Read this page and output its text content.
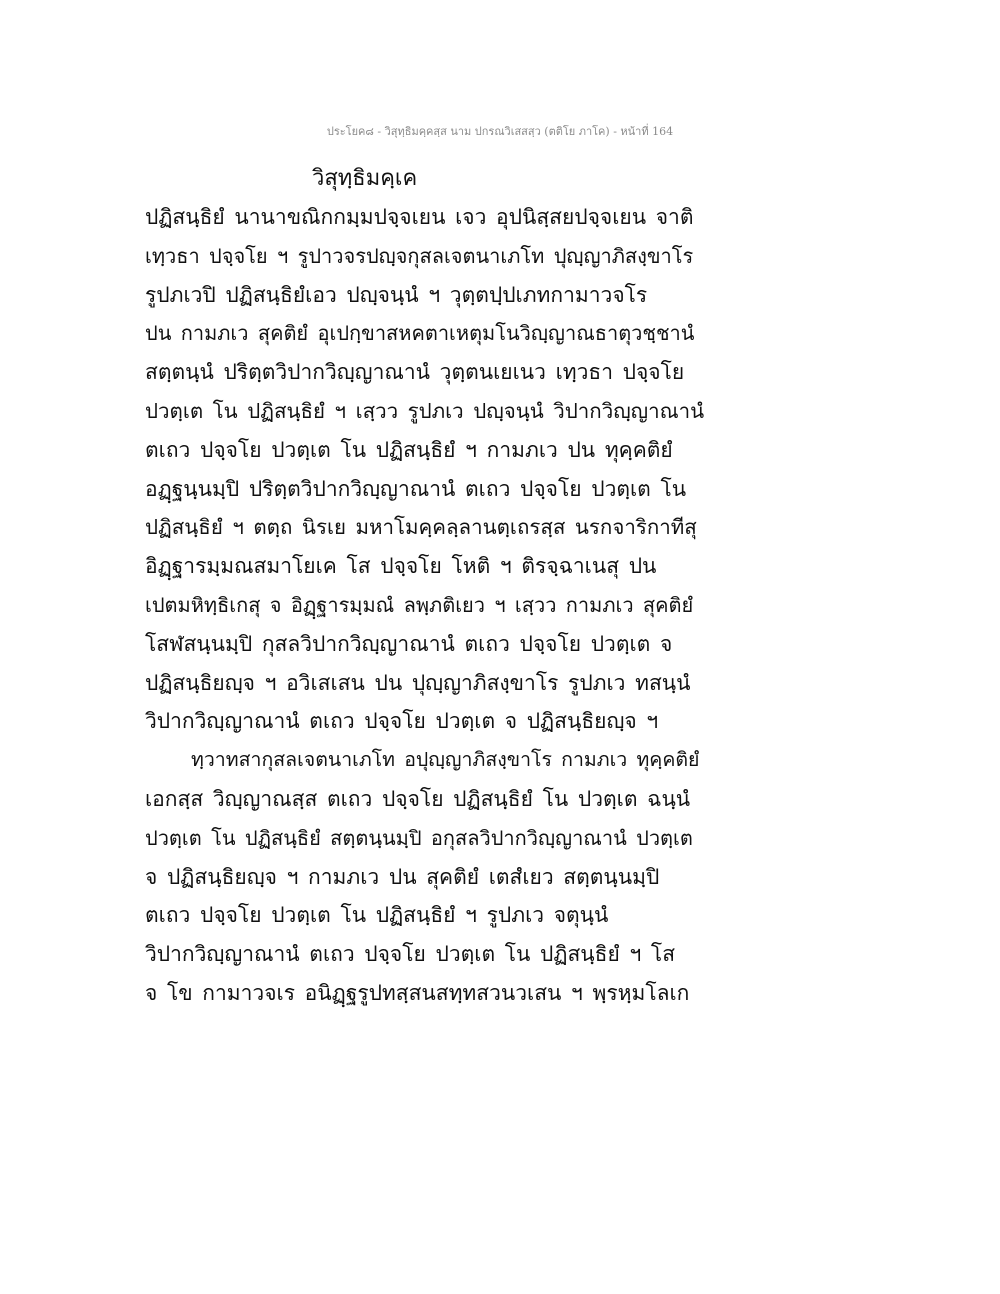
ประโยค๘ - วิสุทฺธิมคฺคสฺส นาม ปกรณวิเสสสฺว (ตติโย ภาโค) - หน้าที่ 164
วิสุทฺธิมคฺเค
ปฏิสนฺธิยํ นานาขณิกกมฺมปจฺจเยน เจว อุปนิสฺสยปจฺจเยน จาติ
เทฺวธา ปจฺจโย ฯ รูปาวจรปญฺจกุสลเจตนาเภโท ปุญฺญาภิสงฺขาโร
รูปภเวปิ ปฏิสนฺธิยํเอว ปญฺจนฺนํ ฯ วุตฺตปฺปเภทกามาวจโร
ปน กามภเว สุคติยํ อุเปกฺขาสหคตาเหตุมโนวิญฺญาณธาตุวชฺชานํ
สตฺตนฺนํ ปริตฺตวิปากวิญฺญาณานํ วุตฺตนเยเนว เทฺวธา ปจฺจโย
ปวตฺเต โน ปฏิสนฺธิยํ ฯ เสฺวว รูปภเว ปญฺจนฺนํ วิปากวิญฺญาณานํ
ตเถว ปจฺจโย ปวตฺเต โน ปฏิสนฺธิยํ ฯ กามภเว ปน ทุคฺคติยํ
อฏฺฐนฺนมฺปิ ปริตฺตวิปากวิญฺญาณานํ ตเถว ปจฺจโย ปวตฺเต โน
ปฏิสนฺธิยํ ฯ ตตฺถ นิรเย มหาโมคฺคลฺลานตฺเถรสฺส นรกจาริกาทีสุ
อิฏฺฐารมฺมณสมาโยเค โส ปจฺจโย โหติ ฯ ติรจฺฉาเนสุ ปน
เปตมหิทฺธิเกสุ จ อิฏฺฐารมฺมณํ ลพฺภติเยว ฯ เสฺวว กามภเว สุคติยํ
โสฬสนฺนมฺปิ กุสลวิปากวิญฺญาณานํ ตเถว ปจฺจโย ปวตฺเต จ
ปฏิสนฺธิยญฺจ ฯ อวิเสเสน ปน ปุญฺญาภิสงฺขาโร รูปภเว ทสนฺนํ
วิปากวิญฺญาณานํ ตเถว ปจฺจโย ปวตฺเต จ ปฏิสนฺธิยญฺจ ฯ
ทฺวาทสากุสลเจตนาเภโท อปุญฺญาภิสงฺขาโร กามภเว ทุคฺคติยํ
เอกสฺส วิญฺญาณสฺส ตเถว ปจฺจโย ปฏิสนฺธิยํ โน ปวตฺเต ฉนฺนํ
ปวตฺเต โน ปฏิสนฺธิยํ สตฺตนฺนมฺปิ อกุสลวิปากวิญฺญาณานํ ปวตฺเต
จ ปฏิสนฺธิยญฺจ ฯ กามภเว ปน สุคติยํ เตสํเยว สตฺตนฺนมฺปิ
ตเถว ปจฺจโย ปวตฺเต โน ปฏิสนฺธิยํ ฯ รูปภเว จตุนฺนํ
วิปากวิญฺญาณานํ ตเถว ปจฺจโย ปวตฺเต โน ปฏิสนฺธิยํ ฯ โส
จ โข กามาวจเร อนิฏฺฐรูปทสฺสนสทฺทสวนวเสน ฯ พฺรหฺมโลเก
